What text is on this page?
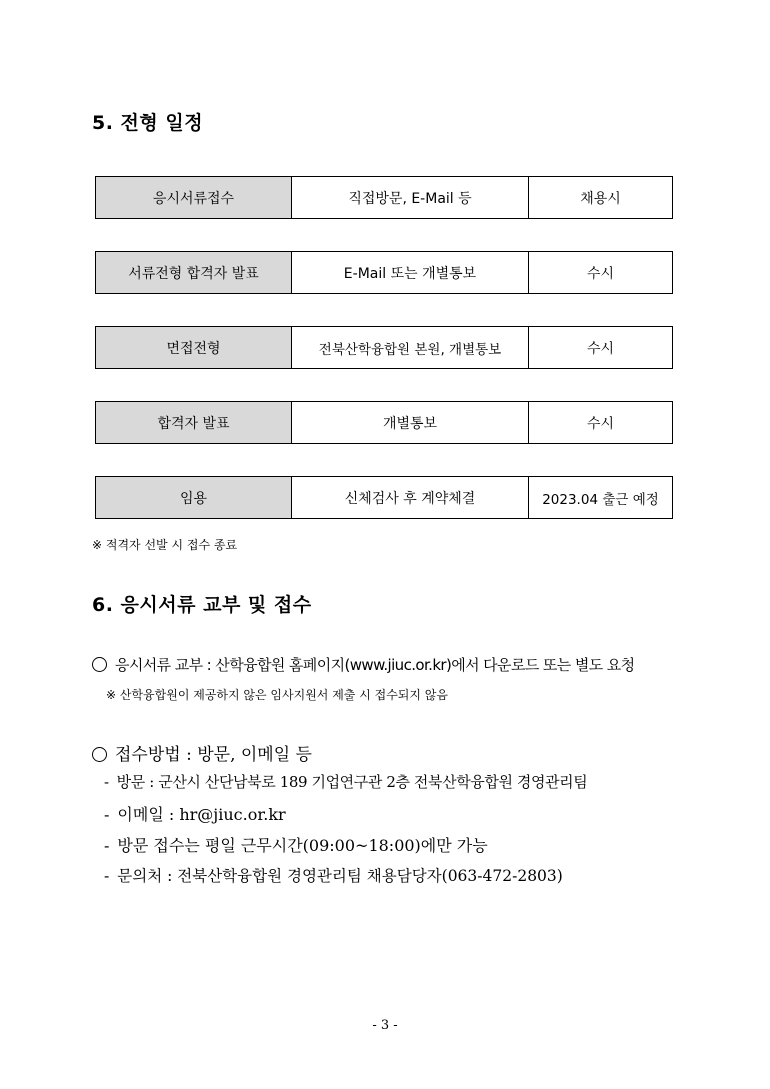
5. 전형 일정
응시서류접수	직접방문, E-Mail 등	채용시
서류전형 합격자 발표	E-Mail 또는 개별통보	수시
면접전형	전북산학융합원 본원, 개별통보	수시
합격자 발표	개별통보	수시
임용	신체검사 후 계약체결	2023.04 출근 예정
※ 적격자 선발 시 접수 종료
6. 응시서류 교부 및 접수
응시서류 교부 : 산학융합원 홈페이지(www.jiuc.or.kr)에서 다운로드 또는 별도 요청
※ 산학융합원이 제공하지 않은 임사지원서 제출 시 접수되지 않음
접수방법 : 방문, 이메일 등
- 방문 : 군산시 산단남북로 189 기업연구관 2층 전북산학융합원 경영관리팀
- 이메일 : hr@jiuc.or.kr
- 방문 접수는 평일 근무시간(09:00~18:00)에만 가능
- 문의처 : 전북산학융합원 경영관리팀 채용담당자(063-472-2803)
- 3 -
